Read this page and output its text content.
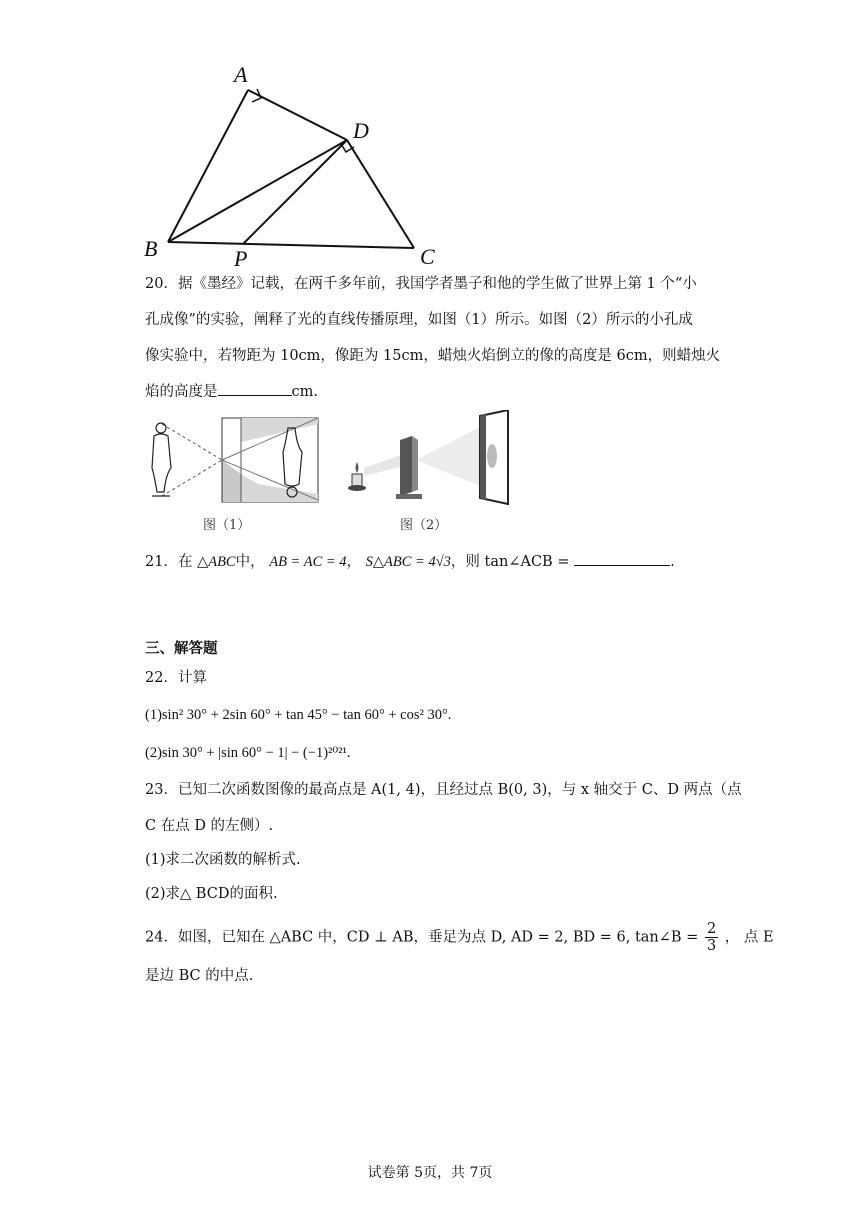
A
D
B	P	C
20．据《墨经》记载，在两千多年前，我国学者墨子和他的学生做了世界上第 1 个“小
孔成像”的实验，阐释了光的直线传播原理，如图（1）所示。如图（2）所示的小孔成
像实验中，若物距为 10cm，像距为 15cm，蜡烛火焰倒立的像的高度是 6cm，则蜡烛火
焰的高度是	cm.
图（1）	图（2）
21．在 △ABC中， AB = AC = 4， S△ABC = 4√3，则 tan∠ACB =	.
三、解答题
22．计算
(1)sin² 30° + 2sin 60° + tan 45° − tan 60° + cos² 30°.
(2)sin 30° + |sin 60° − 1| − (−1)²⁰²¹.
23．已知二次函数图像的最高点是 A(1, 4)，且经过点 B(0, 3)，与 x 轴交于 C、D 两点（点
C 在点 D 的左侧）.
(1)求二次函数的解析式.
(2)求△ BCD的面积.
24．如图，已知在 △ABC 中，CD ⊥ AB，垂足为点 D, AD = 2, BD = 6, tan∠B = $\frac{2}{3}$ ， 点 E
是边 BC 的中点.
试卷第 5页，共 7页
